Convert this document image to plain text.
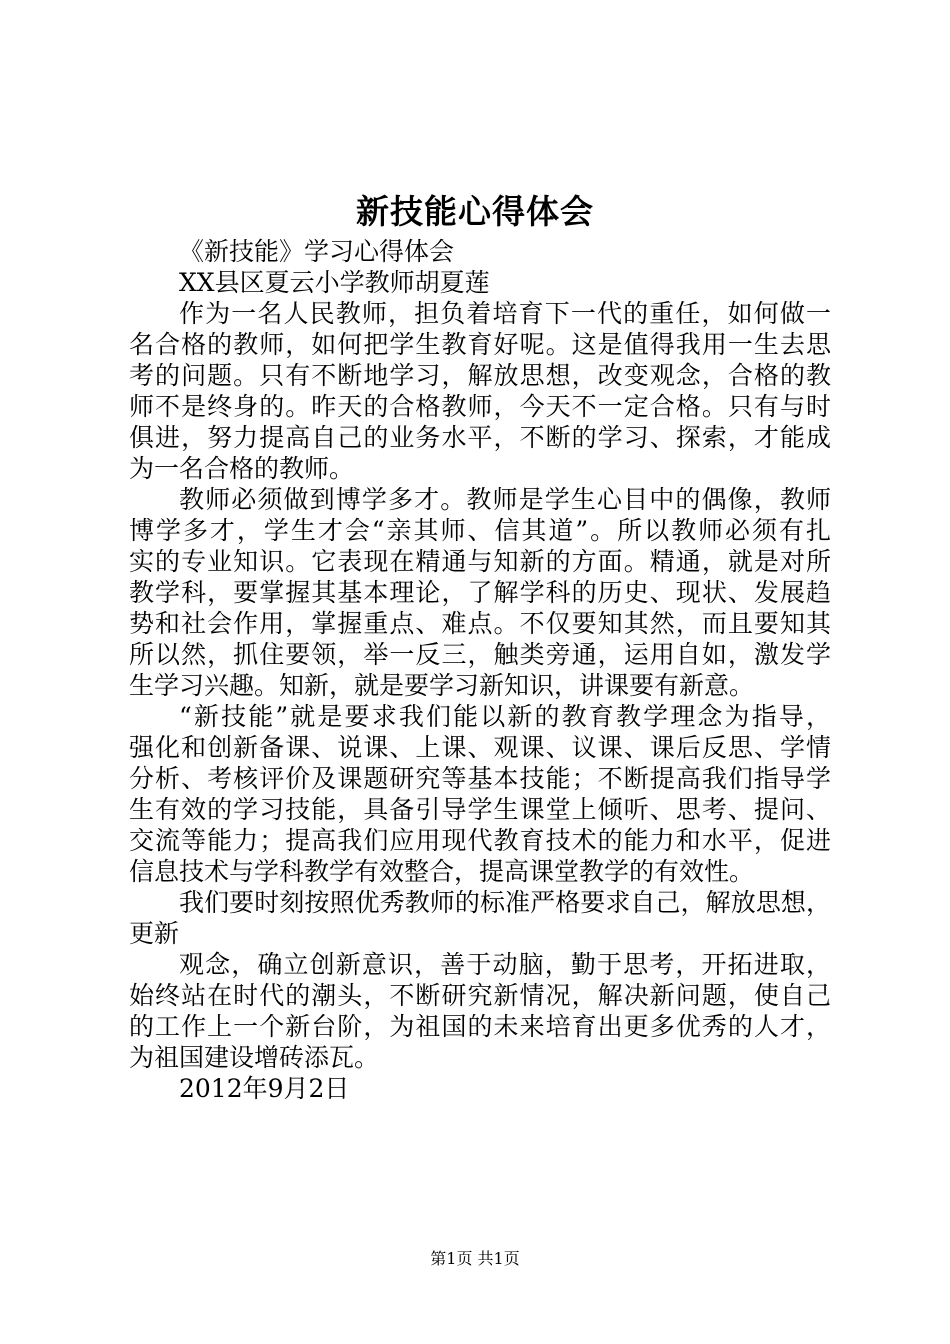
新技能心得体会
《新技能》学习心得体会
XX县区夏云小学教师胡夏莲
作为一名人民教师，担负着培育下一代的重任，如何做一
名合格的教师，如何把学生教育好呢。这是值得我用一生去思
考的问题。只有不断地学习，解放思想，改变观念，合格的教
师不是终身的。昨天的合格教师，今天不一定合格。只有与时
俱进，努力提高自己的业务水平，不断的学习、探索，才能成
为一名合格的教师。
教师必须做到博学多才。教师是学生心目中的偶像，教师
博学多才，学生才会“亲其师、信其道”。所以教师必须有扎
实的专业知识。它表现在精通与知新的方面。精通，就是对所
教学科，要掌握其基本理论，了解学科的历史、现状、发展趋
势和社会作用，掌握重点、难点。不仅要知其然，而且要知其
所以然，抓住要领，举一反三，触类旁通，运用自如，激发学
生学习兴趣。知新，就是要学习新知识，讲课要有新意。
“新技能”就是要求我们能以新的教育教学理念为指导，
强化和创新备课、说课、上课、观课、议课、课后反思、学情
分析、考核评价及课题研究等基本技能；不断提高我们指导学
生有效的学习技能，具备引导学生课堂上倾听、思考、提问、
交流等能力；提高我们应用现代教育技术的能力和水平，促进
信息技术与学科教学有效整合，提高课堂教学的有效性。
我们要时刻按照优秀教师的标准严格要求自己，解放思想，
更新
观念，确立创新意识，善于动脑，勤于思考，开拓进取，
始终站在时代的潮头，不断研究新情况，解决新问题，使自己
的工作上一个新台阶，为祖国的未来培育出更多优秀的人才，
为祖国建设增砖添瓦。
2012年9月2日
第1页 共1页
